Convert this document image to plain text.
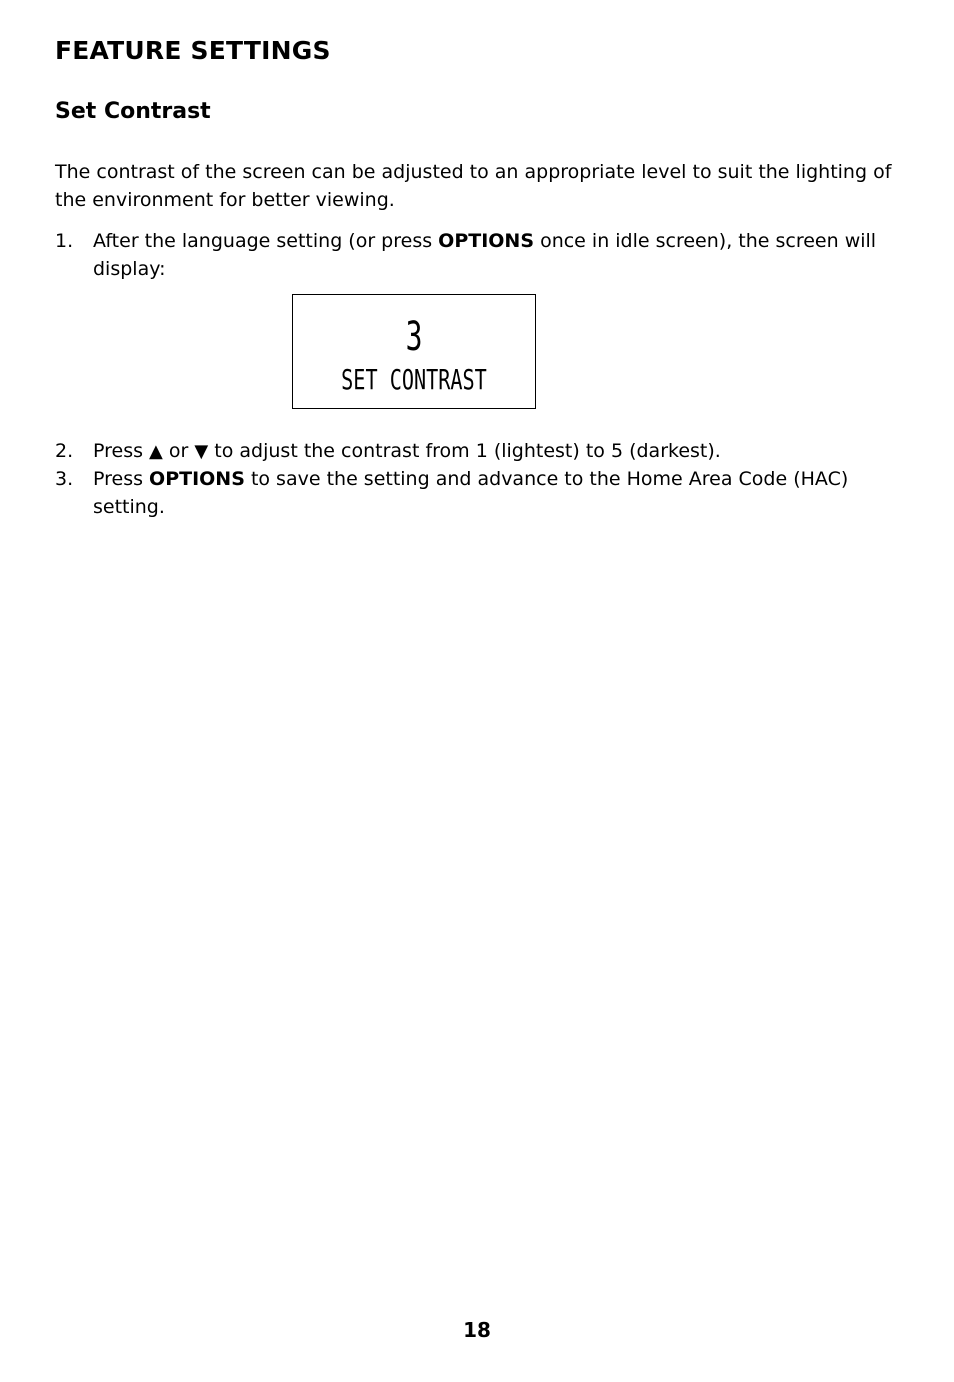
FEATURE SETTINGS
Set Contrast

The contrast of the screen can be adjusted to an appropriate level to suit the lighting of the environment for better viewing.

1. After the language setting (or press OPTIONS once in idle screen), the screen will display:
3
SET CONTRAST
2. Press ▲ or ▼ to adjust the contrast from 1 (lightest) to 5 (darkest).
3. Press OPTIONS to save the setting and advance to the Home Area Code (HAC) setting.
18
